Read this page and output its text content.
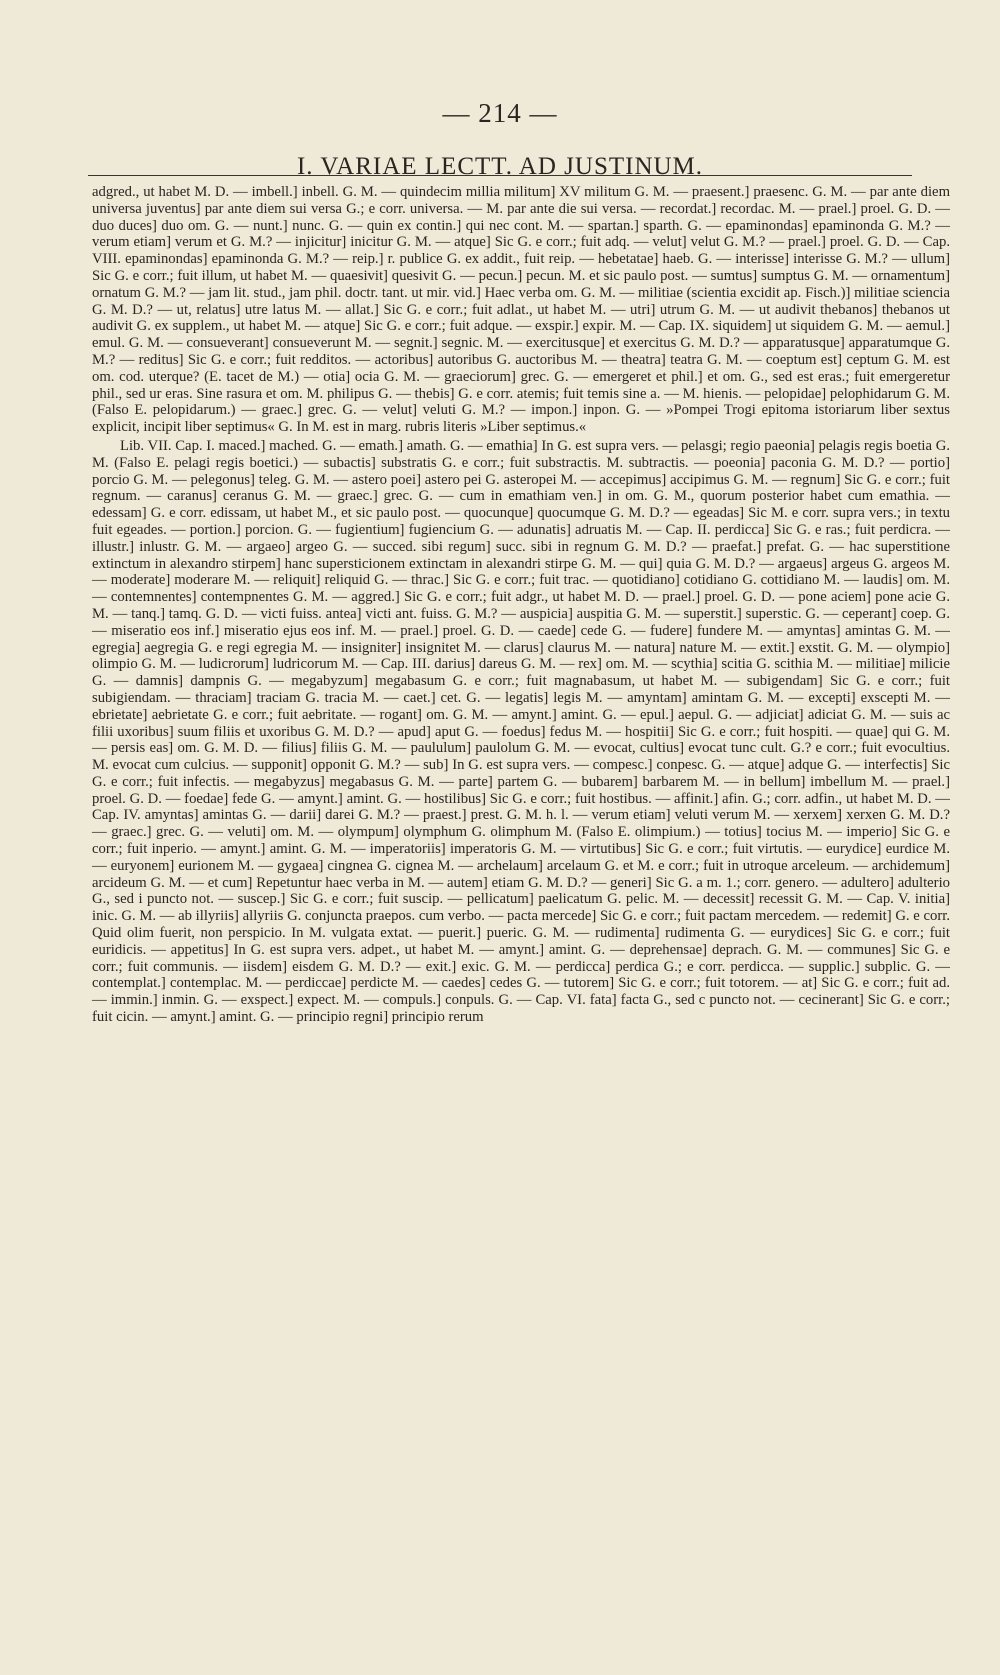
— 214 —
I. VARIAE LECTT. AD JUSTINUM.

adgred., ut habet M. D. — imbell.] inbell. G. M. — quindecim millia militum] XV militum G. M. — praesent.] praesenc. G. M. — par ante diem universa juventus] par ante diem sui versa G.; e corr. universa. — M. par ante die sui versa. — recordat.] recordac. M. — prael.] proel. G. D. — duo duces] duo om. G. — nunt.] nunc. G. — quin ex contin.] qui nec cont. M. — spartan.] sparth. G. — epaminondas] epaminonda G. M.? — verum etiam] verum et G. M.? — injicitur] inicitur G. M. — atque] Sic G. e corr.; fuit adq. — velut] velut G. M.? — prael.] proel. G. D. — Cap. VIII. epaminondas] epaminonda G. M.? — reip.] r. publice G. ex addit., fuit reip. — hebetatae] haeb. G. — interisse] interisse G. M.? — ullum] Sic G. e corr.; fuit illum, ut habet M. — quaesivit] quesivit G. — pecun.] pecun. M. et sic paulo post. — sumtus] sumptus G. M. — ornamentum] ornatum G. M.? — jam lit. stud., jam phil. doctr. tant. ut mir. vid.] Haec verba om. G. M. — militiae (scientia excidit ap. Fisch.)] militiae sciencia G. M. D.? — ut, relatus] utre latus M. — allat.] Sic G. e corr.; fuit adlat., ut habet M. — utri] utrum G. M. — ut audivit thebanos] thebanos ut audivit G. ex supplem., ut habet M. — atque] Sic G. e corr.; fuit adque. — exspir.] expir. M. — Cap. IX. siquidem] ut siquidem G. M. — aemul.] emul. G. M. — consueverant] consueverunt M. — segnit.] segnic. M. — exercitusque] et exercitus G. M. D.? — apparatusque] apparatumque G. M.? — reditus] Sic G. e corr.; fuit redditos. — actoribus] autoribus G. auctoribus M. — theatra] teatra G. M. — coeptum est] ceptum G. M. est om. cod. uterque? (E. tacet de M.) — otia] ocia G. M. — graeciorum] grec. G. — emergeret et phil.] et om. G., sed est eras.; fuit emergeretur phil., sed ur eras. Sine rasura et om. M. philipus G. — thebis] G. e corr. atemis; fuit temis sine a. — M. hienis. — pelopidae] pelophidarum G. M. (Falso E. pelopidarum.) — graec.] grec. G. — velut] veluti G. M.? — impon.] inpon. G. — »Pompei Trogi epitoma istoriarum liber sextus explicit, incipit liber septimus« G. In M. est in marg. rubris literis »Liber septimus.«

Lib. VII. Cap. I. maced.] mached. G. — emath.] amath. G. — emathia] In G. est supra vers. — pelasgi; regio paeonia] pelagis regis boetia G. M. (Falso E. pelagi regis boetici.) — subactis] substratis G. e corr.; fuit substractis. M. subtractis. — poeonia] paconia G. M. D.? — portio] porcio G. M. — pelegonus] teleg. G. M. — astero poei] astero pei G. asteropei M. — accepimus] accipimus G. M. — regnum] Sic G. e corr.; fuit regnum. — caranus] ceranus G. M. — graec.] grec. G. — cum in emathiam ven.] in om. G. M., quorum posterior habet cum emathia. — edessam] G. e corr. edissam, ut habet M., et sic paulo post. — quocunque] quocumque G. M. D.? — egeadas] Sic M. e corr. supra vers.; in textu fuit egeades. — portion.] porcion. G. — fugientium] fugiencium G. — adunatis] adruatis M. — Cap. II. perdicca] Sic G. e ras.; fuit perdicra. — illustr.] inlustr. G. M. — argaeo] argeo G. — succed. sibi regum] succ. sibi in regnum G. M. D.? — praefat.] prefat. G. — hac superstitione extinctum in alexandro stirpem] hanc supersticionem extinctam in alexandri stirpe G. M. — qui] quia G. M. D.? — argaeus] argeus G. argeos M. — moderate] moderare M. — reliquit] reliquid G. — thrac.] Sic G. e corr.; fuit trac. — quotidiano] cotidiano G. cottidiano M. — laudis] om. M. — contemnentes] contempnentes G. M. — aggred.] Sic G. e corr.; fuit adgr., ut habet M. D. — prael.] proel. G. D. — pone aciem] pone acie G. M. — tanq.] tamq. G. D. — victi fuiss. antea] victi ant. fuiss. G. M.? — auspicia] auspitia G. M. — superstit.] superstic. G. — ceperant] coep. G. — miseratio eos inf.] miseratio ejus eos inf. M. — prael.] proel. G. D. — caede] cede G. — fudere] fundere M. — amyntas] amintas G. M. — egregia] aegregia G. e regi egregia M. — insigniter] insignitet M. — clarus] claurus M. — natura] nature M. — extit.] exstit. G. M. — olympio] olimpio G. M. — ludicrorum] ludricorum M. — Cap. III. darius] dareus G. M. — rex] om. M. — scythia] scitia G. scithia M. — militiae] milicie G. — damnis] dampnis G. — megabyzum] megabasum G. e corr.; fuit magnabasum, ut habet M. — subigendam] Sic G. e corr.; fuit subigiendam. — thraciam] traciam G. tracia M. — caet.] cet. G. — legatis] legis M. — amyntam] amintam G. M. — excepti] exscepti M. — ebrietate] aebrietate G. e corr.; fuit aebritate. — rogant] om. G. M. — amynt.] amint. G. — epul.] aepul. G. — adjiciat] adiciat G. M. — suis ac filii uxoribus] suum filiis et uxoribus G. M. D.? — apud] aput G. — foedus] fedus M. — hospitii] Sic G. e corr.; fuit hospiti. — quae] qui G. M. — persis eas] om. G. M. D. — filius] filiis G. M. — paululum] paulolum G. M. — evocat, cultius] evocat tunc cult. G.? e corr.; fuit evocultius. M. evocat cum culcius. — supponit] opponit G. M.? — sub] In G. est supra vers. — compesc.] conpesc. G. — atque] adque G. — interfectis] Sic G. e corr.; fuit infectis. — megabyzus] megabasus G. M. — parte] partem G. — bubarem] barbarem M. — in bellum] imbellum M. — prael.] proel. G. D. — foedae] fede G. — amynt.] amint. G. — hostilibus] Sic G. e corr.; fuit hostibus. — affinit.] afin. G.; corr. adfin., ut habet M. D. — Cap. IV. amyntas] amintas G. — darii] darei G. M.? — praest.] prest. G. M. h. l. — verum etiam] veluti verum M. — xerxem] xerxen G. M. D.? — graec.] grec. G. — veluti] om. M. — olympum] olymphum G. olimphum M. (Falso E. olimpium.) — totius] tocius M. — imperio] Sic G. e corr.; fuit inperio. — amynt.] amint. G. M. — imperatoriis] imperatoris G. M. — virtutibus] Sic G. e corr.; fuit virtutis. — eurydice] eurdice M. — euryonem] eurionem M. — gygaea] cingnea G. cignea M. — archelaum] arcelaum G. et M. e corr.; fuit in utroque arceleum. — archidemum] arcideum G. M. — et cum] Repetuntur haec verba in M. — autem] etiam G. M. D.? — generi] Sic G. a m. 1.; corr. genero. — adultero] adulterio G., sed i puncto not. — suscep.] Sic G. e corr.; fuit suscip. — pellicatum] paelicatum G. pelic. M. — decessit] recessit G. M. — Cap. V. initia] inic. G. M. — ab illyriis] allyriis G. conjuncta praepos. cum verbo. — pacta mercede] Sic G. e corr.; fuit pactam mercedem. — redemit] G. e corr. Quid olim fuerit, non perspicio. In M. vulgata extat. — puerit.] pueric. G. M. — rudimenta] rudimenta G. — eurydices] Sic G. e corr.; fuit euridicis. — appetitus] In G. est supra vers. adpet., ut habet M. — amynt.] amint. G. — deprehensae] deprach. G. M. — communes] Sic G. e corr.; fuit communis. — iisdem] eisdem G. M. D.? — exit.] exic. G. M. — perdicca] perdica G.; e corr. perdicca. — supplic.] subplic. G. — contemplat.] contemplac. M. — perdiccae] perdicte M. — caedes] cedes G. — tutorem] Sic G. e corr.; fuit totorem. — at] Sic G. e corr.; fuit ad. — immin.] inmin. G. — exspect.] expect. M. — compuls.] conpuls. G. — Cap. VI. fata] facta G., sed c puncto not. — cecinerant] Sic G. e corr.; fuit cicin. — amynt.] amint. G. — principio regni] principio rerum
